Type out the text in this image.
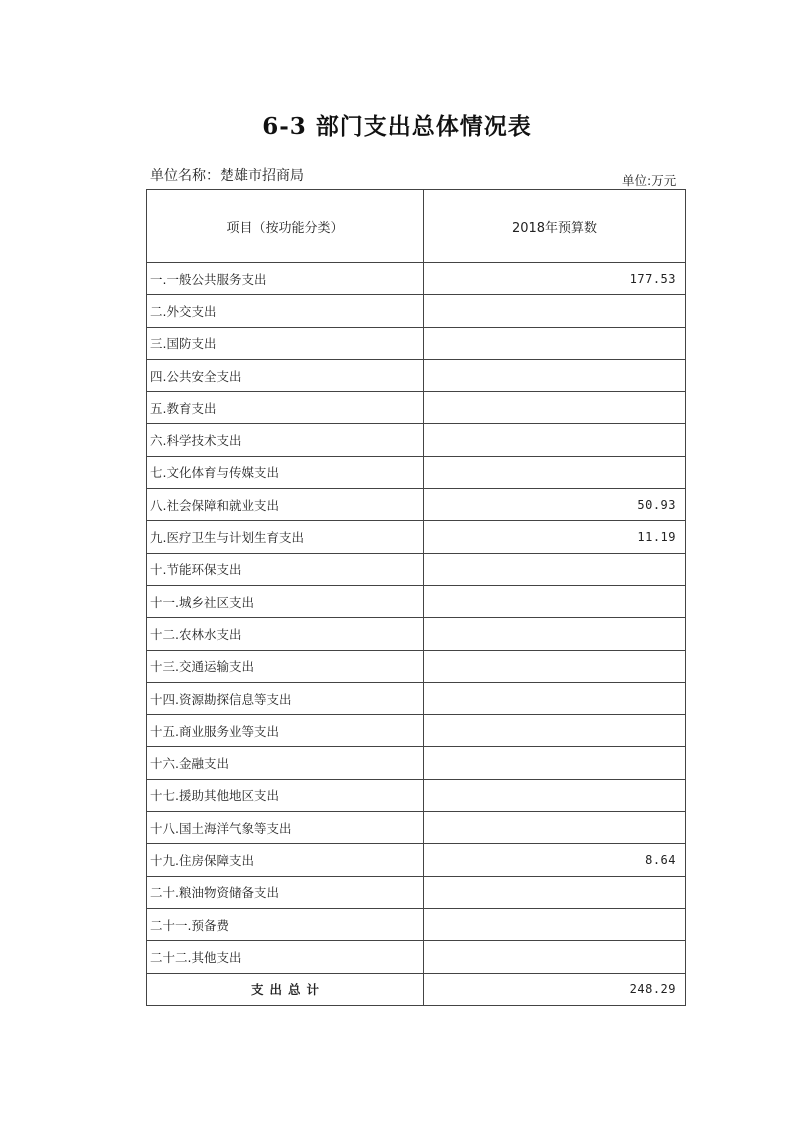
6-3 部门支出总体情况表
单位名称：楚雄市招商局	单位:万元
项目（按功能分类）	2018年预算数
一.一般公共服务支出	177.53
二.外交支出	
三.国防支出	
四.公共安全支出	
五.教育支出	
六.科学技术支出	
七.文化体育与传媒支出	
八.社会保障和就业支出	50.93
九.医疗卫生与计划生育支出	11.19
十.节能环保支出	
十一.城乡社区支出	
十二.农林水支出	
十三.交通运输支出	
十四.资源勘探信息等支出	
十五.商业服务业等支出	
十六.金融支出	
十七.援助其他地区支出	
十八.国土海洋气象等支出	
十九.住房保障支出	8.64
二十.粮油物资储备支出	
二十一.预备费	
二十二.其他支出	
支出总计	248.29
